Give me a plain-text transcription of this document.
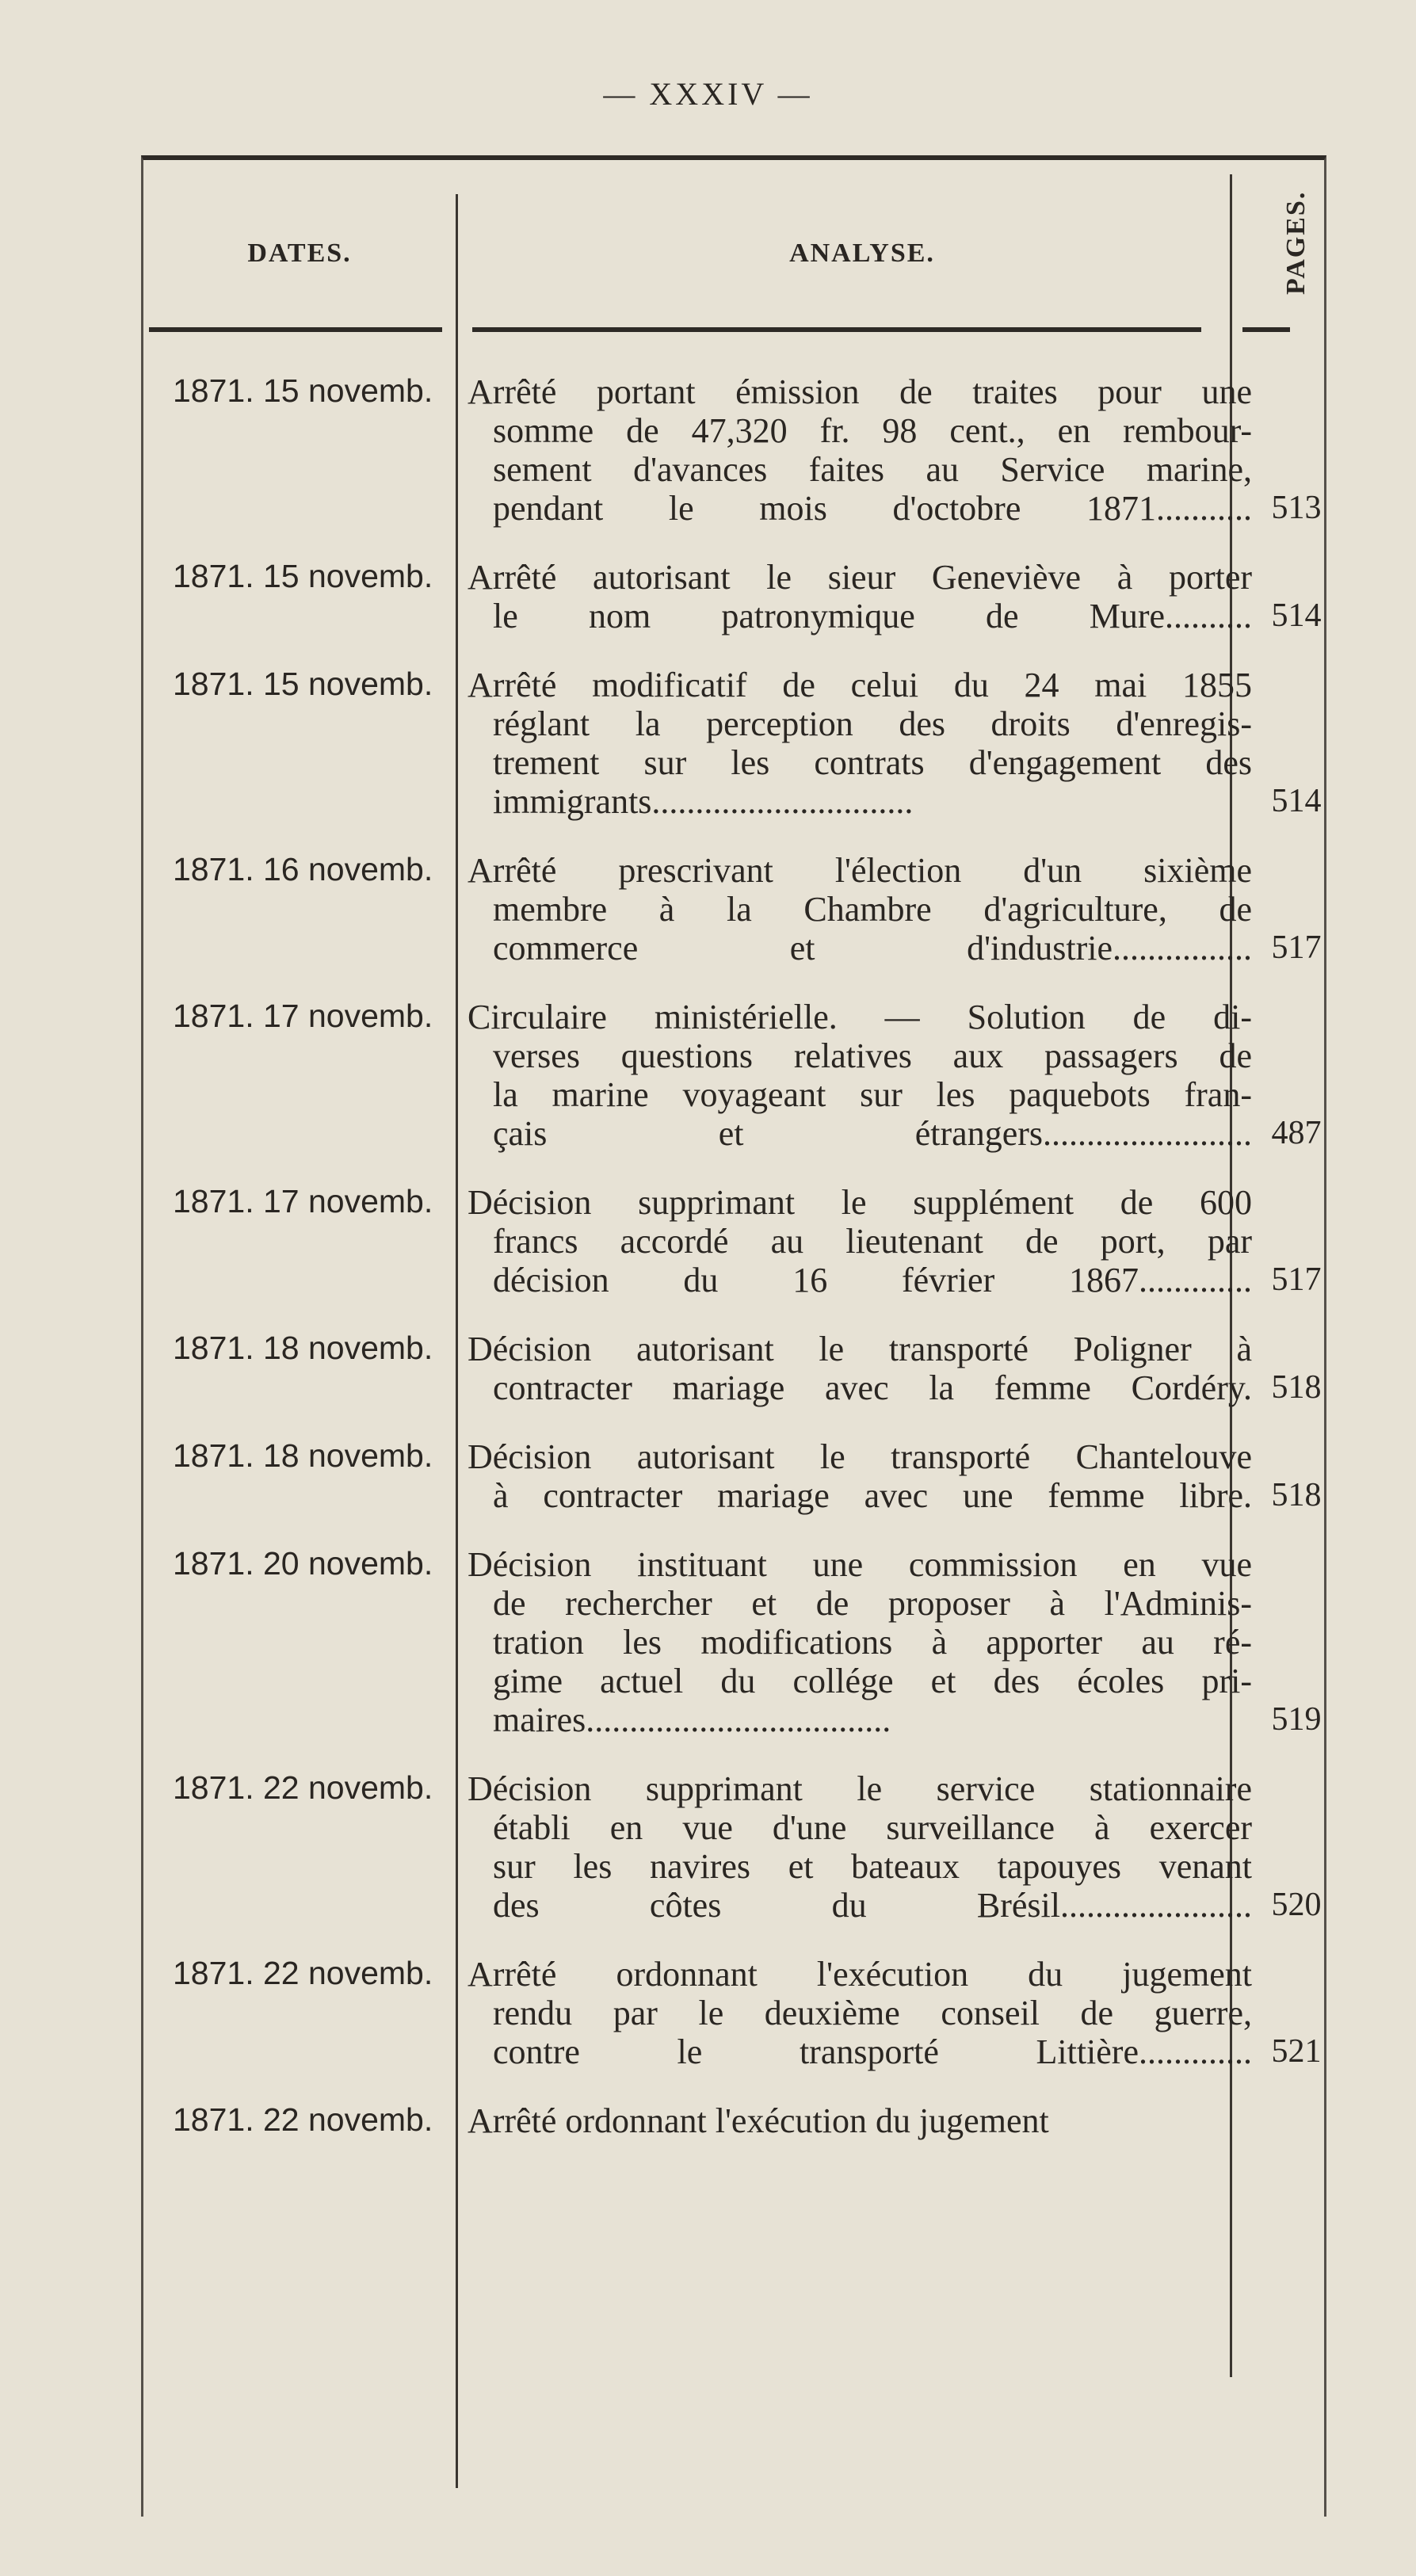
— XXXIV —
DATES.	ANALYSE.	PAGES.
1871. 15 novemb. Arrêté portant émission de traites pour une
somme de 47,320 fr. 98 cent., en rembour-
sement d'avances faites au Service marine,
pendant le mois d'octobre 1871........... 513
1871. 15 novemb. Arrêté autorisant le sieur Geneviève à porter
le nom patronymique de Mure.......... 514
1871. 15 novemb. Arrêté modificatif de celui du 24 mai 1855
réglant la perception des droits d'enregis-
trement sur les contrats d'engagement des
immigrants..............................	514
1871. 16 novemb. Arrêté prescrivant l'élection d'un sixième
membre à la Chambre d'agriculture, de
commerce et d'industrie................ 517
1871. 17 novemb. Circulaire ministérielle. — Solution de di-
verses questions relatives aux passagers de
la marine voyageant sur les paquebots fran-
çais et étrangers........................ 487
1871. 17 novemb. Décision supprimant le supplément de 600
francs accordé au lieutenant de port, par
décision du 16 février 1867............. 517
1871. 18 novemb. Décision autorisant le transporté Poligner à
contracter mariage avec la femme Cordéry. 518
1871. 18 novemb. Décision autorisant le transporté Chantelouve
à contracter mariage avec une femme libre. 518
1871. 20 novemb. Décision instituant une commission en vue
de rechercher et de proposer à l'Adminis-
tration les modifications à apporter au ré-
gime actuel du collége et des écoles pri-
maires...................................	519
1871. 22 novemb. Décision supprimant le service stationnaire
établi en vue d'une surveillance à exercer
sur les navires et bateaux tapouyes venant
des côtes du Brésil...................... 520
1871. 22 novemb. Arrêté ordonnant l'exécution du jugement
rendu par le deuxième conseil de guerre,
contre le transporté Littière............. 521
1871. 22 novemb. Arrêté ordonnant l'exécution du jugement
